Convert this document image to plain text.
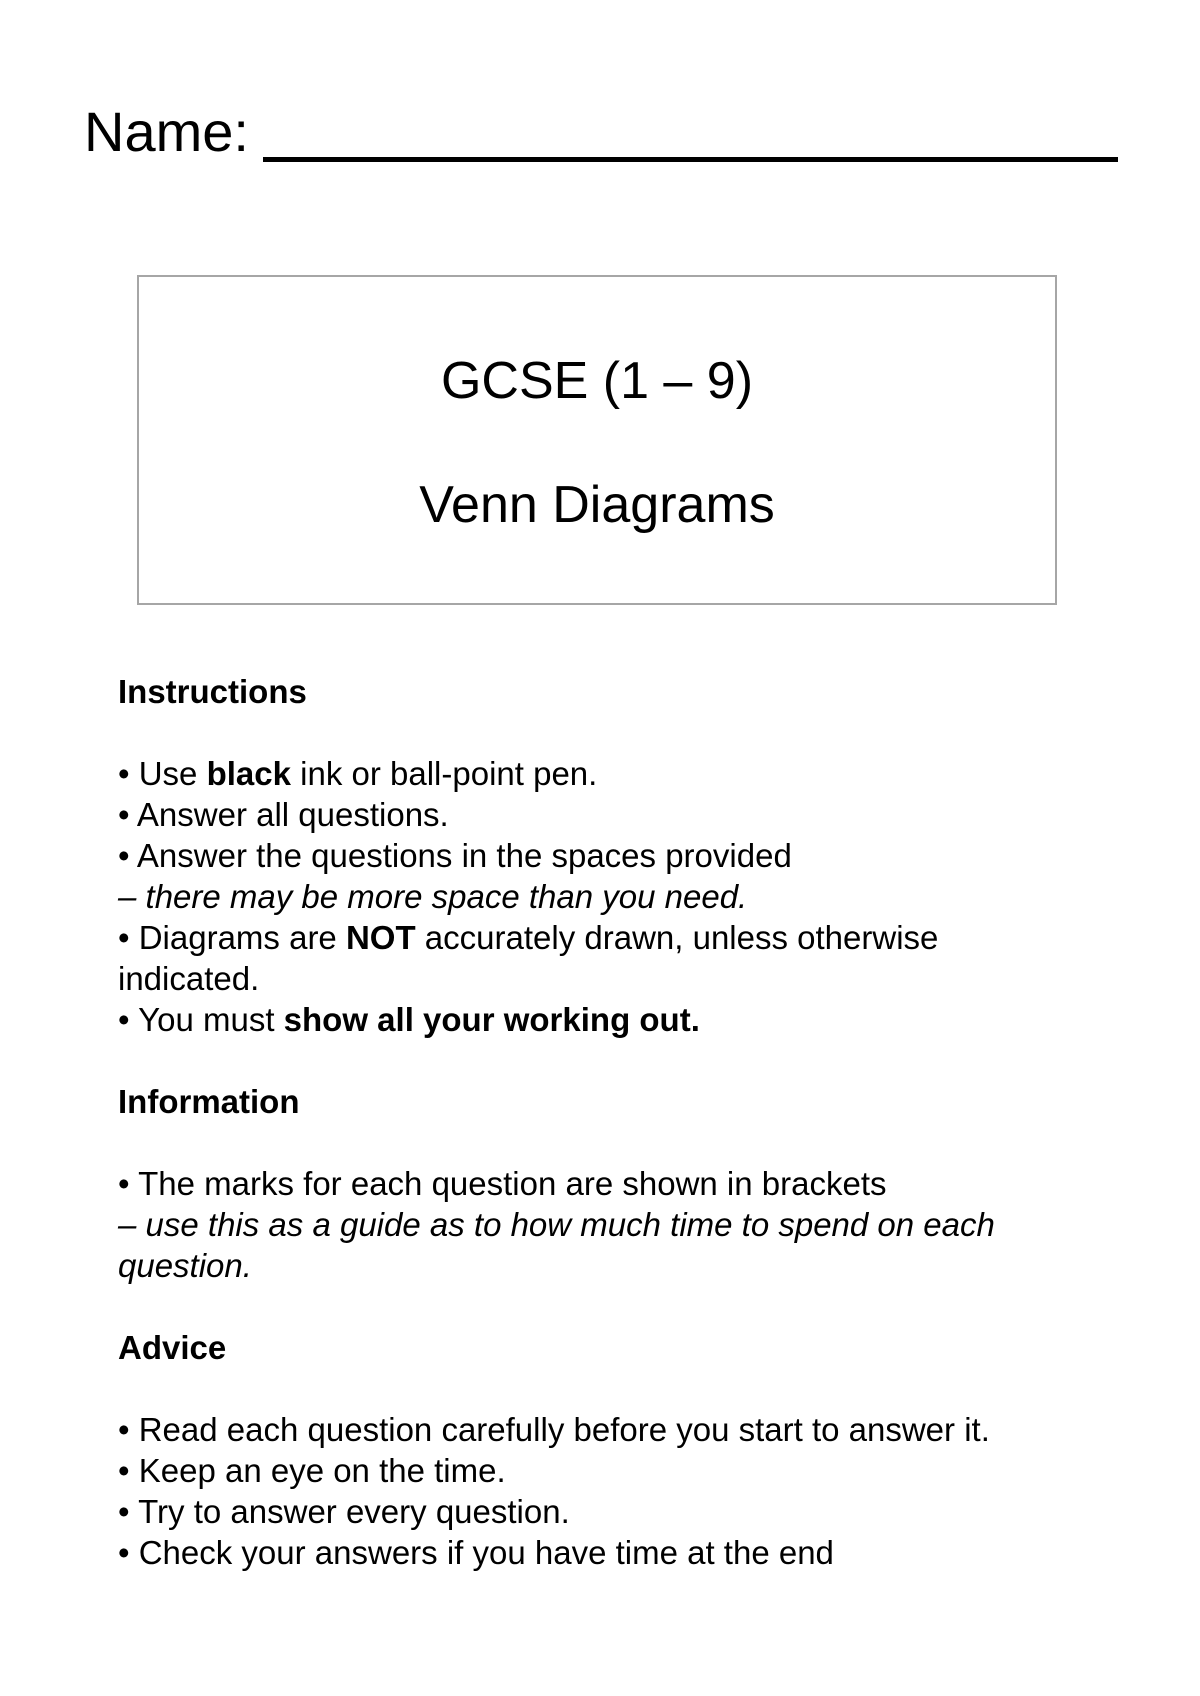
Name:
GCSE (1 – 9)
Venn Diagrams

Instructions

• Use black ink or ball-point pen.

• Answer all questions.

• Answer the questions in the spaces provided

– there may be more space than you need.

• Diagrams are NOT accurately drawn, unless otherwise

indicated.

• You must show all your working out.

Information

• The marks for each question are shown in brackets

– use this as a guide as to how much time to spend on each

question.

Advice

• Read each question carefully before you start to answer it.

• Keep an eye on the time.

• Try to answer every question.

• Check your answers if you have time at the end
